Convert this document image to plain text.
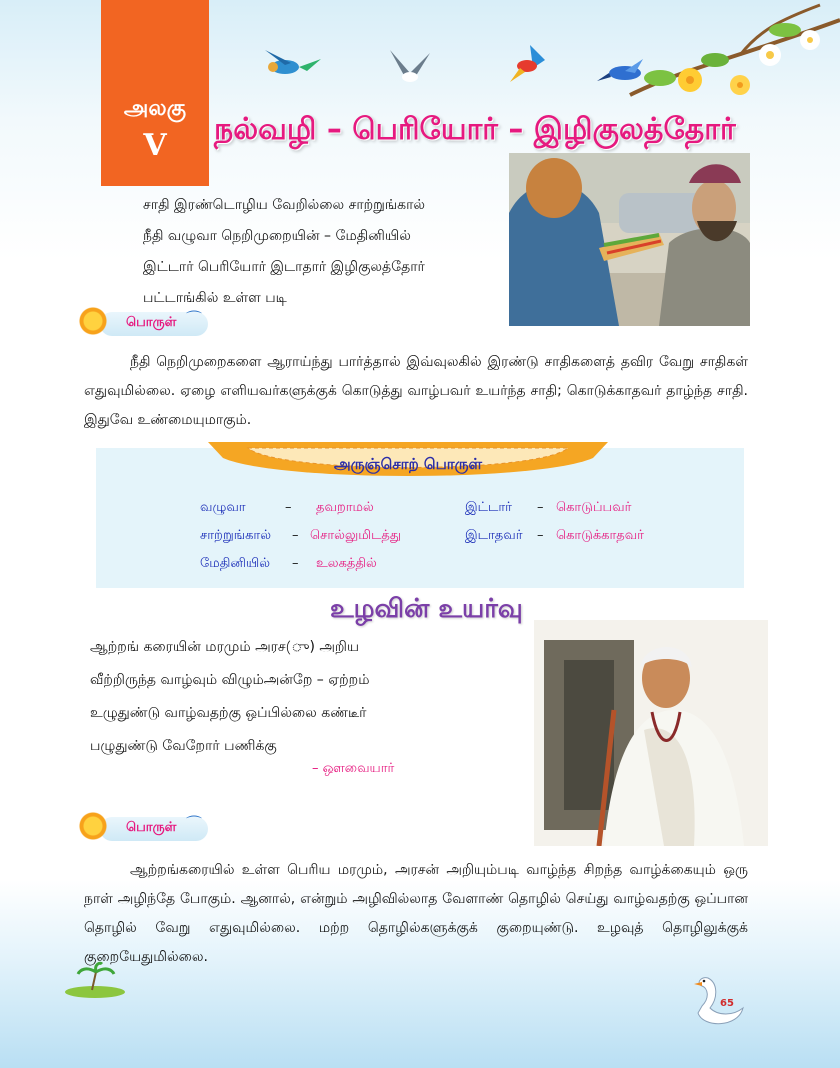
அலகு
V	நல்வழி – பெரியோர் – இழிகுலத்தோர்
சாதி இரண்டொழிய வேறில்லை சாற்றுங்கால்
நீதி வழுவா நெறிமுறையின் – மேதினியில்
இட்டார் பெரியோர் இடாதார் இழிகுலத்தோர்
பட்டாங்கில் உள்ள படி
பொருள் ⌒
நீதி நெறிமுறைகளை ஆராய்ந்து பார்த்தால் இவ்வுலகில் இரண்டு சாதிகளைத் தவிர வேறு சாதிகள் எதுவுமில்லை. ஏழை எளியவர்களுக்குக் கொடுத்து வாழ்பவர் உயர்ந்த சாதி; கொடுக்காதவர் தாழ்ந்த சாதி. இதுவே உண்மையுமாகும்.
அருஞ்சொற் பொருள்
வழுவா	– தவறாமல்
சாற்றுங்கால் – சொல்லுமிடத்து
மேதினியில் – உலகத்தில்
இட்டார் – கொடுப்பவர்
இடாதவர் – கொடுக்காதவர்
உழவின் உயர்வு
ஆற்றங் கரையின் மரமும் அரச(ு) அறிய
வீற்றிருந்த வாழ்வும் விழும்அன்றே – ஏற்றம்
உழுதுண்டு வாழ்வதற்கு ஒப்பில்லை கண்டீர்
பழுதுண்டு வேறோர் பணிக்கு
– ஔவையார்
பொருள் ⌒
ஆற்றங்கரையில் உள்ள பெரிய மரமும், அரசன் அறியும்படி வாழ்ந்த சிறந்த வாழ்க்கையும் ஒரு நாள் அழிந்தே போகும். ஆனால், என்றும் அழிவில்லாத வேளாண் தொழில் செய்து வாழ்வதற்கு ஒப்பான தொழில் வேறு எதுவுமில்லை. மற்ற தொழில்களுக்குக் குறையுண்டு. உழவுத் தொழிலுக்குக் குறையேதுமில்லை.
65
